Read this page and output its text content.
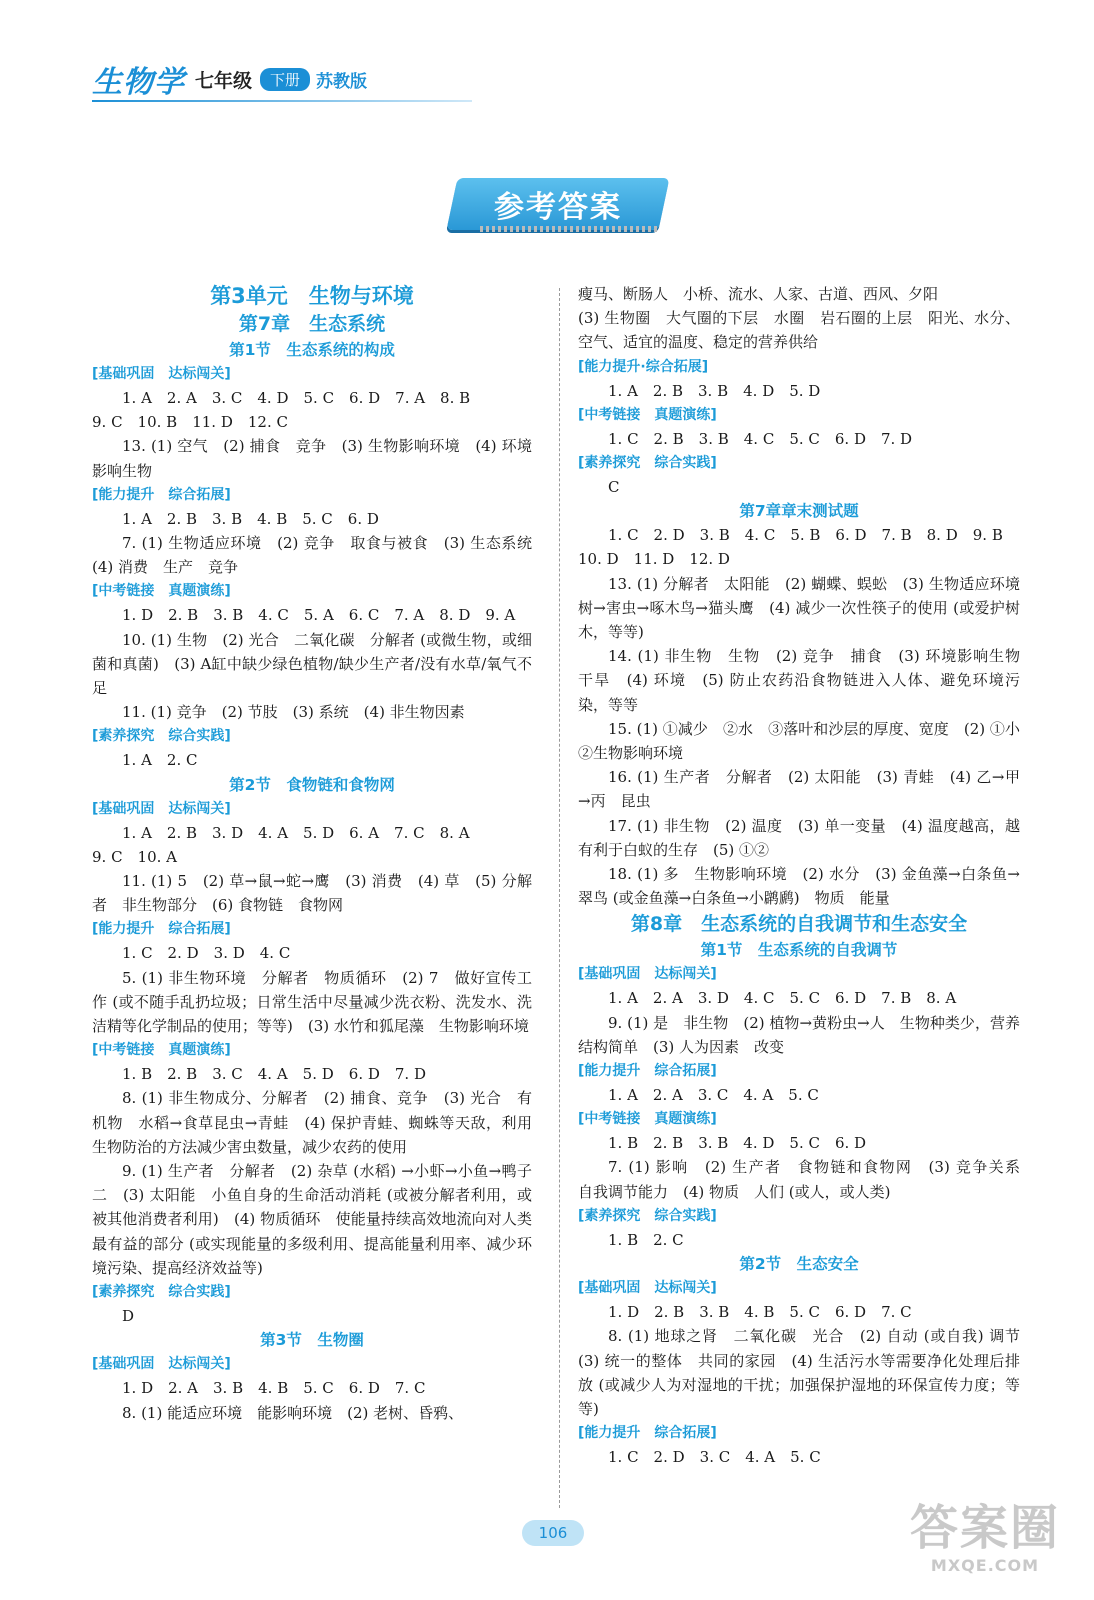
生物学 七年级	下册 苏教版
参考答案
第3单元　生物与环境
第7章　生态系统
第1节　生态系统的构成
[基础巩固　达标闯关]
1. A　2. A　3. C　4. D　5. C　6. D　7. A　8. B
9. C　10. B　11. D　12. C
13. (1) 空气　(2) 捕食　竞争　(3) 生物影响环境　(4) 环境影响生物
[能力提升　综合拓展]
1. A　2. B　3. B　4. B　5. C　6. D
7. (1) 生物适应环境　(2) 竞争　取食与被食　(3) 生态系统　(4) 消费　生产　竞争
[中考链接　真题演练]
1. D　2. B　3. B　4. C　5. A　6. C　7. A　8. D　9. A
10. (1) 生物　(2) 光合　二氧化碳　分解者 (或微生物，或细菌和真菌)　(3) A缸中缺少绿色植物/缺少生产者/没有水草/氧气不足
11. (1) 竞争　(2) 节肢　(3) 系统　(4) 非生物因素
[素养探究　综合实践]
1. A　2. C
第2节　食物链和食物网
[基础巩固　达标闯关]
1. A　2. B　3. D　4. A　5. D　6. A　7. C　8. A
9. C　10. A
11. (1) 5　(2) 草→鼠→蛇→鹰　(3) 消费　(4) 草　(5) 分解者　非生物部分　(6) 食物链　食物网
[能力提升　综合拓展]
1. C　2. D　3. D　4. C
5. (1) 非生物环境　分解者　物质循环　(2) 7　做好宣传工作 (或不随手乱扔垃圾；日常生活中尽量减少洗衣粉、洗发水、洗洁精等化学制品的使用；等等)　(3) 水竹和狐尾藻　生物影响环境
[中考链接　真题演练]
1. B　2. B　3. C　4. A　5. D　6. D　7. D
8. (1) 非生物成分、分解者　(2) 捕食、竞争　(3) 光合　有机物　水稻→食草昆虫→青蛙　(4) 保护青蛙、蜘蛛等天敌，利用生物防治的方法减少害虫数量，减少农药的使用
9. (1) 生产者　分解者　(2) 杂草 (水稻) →小虾→小鱼→鸭子　二　(3) 太阳能　小鱼自身的生命活动消耗 (或被分解者利用，或被其他消费者利用)　(4) 物质循环　使能量持续高效地流向对人类最有益的部分 (或实现能量的多级利用、提高能量利用率、减少环境污染、提高经济效益等)
[素养探究　综合实践]
D
第3节　生物圈
[基础巩固　达标闯关]
1. D　2. A　3. B　4. B　5. C　6. D　7. C
8. (1) 能适应环境　能影响环境　(2) 老树、昏鸦、
瘦马、断肠人　小桥、流水、人家、古道、西风、夕阳
(3) 生物圈　大气圈的下层　水圈　岩石圈的上层　阳光、水分、空气、适宜的温度、稳定的营养供给
[能力提升·综合拓展]
1. A　2. B　3. B　4. D　5. D
[中考链接　真题演练]
1. C　2. B　3. B　4. C　5. C　6. D　7. D
[素养探究　综合实践]
C
第7章章末测试题
1. C　2. D　3. B　4. C　5. B　6. D　7. B　8. D　9. B
10. D　11. D　12. D
13. (1) 分解者　太阳能　(2) 蝴蝶、蜈蚣　(3) 生物适应环境　树→害虫→啄木鸟→猫头鹰　(4) 减少一次性筷子的使用 (或爱护树木，等等)
14. (1) 非生物　生物　(2) 竞争　捕食　(3) 环境影响生物　干旱　(4) 环境　(5) 防止农药沿食物链进入人体、避免环境污染，等等
15. (1) ①减少　②水　③落叶和沙层的厚度、宽度　(2) ①小　②生物影响环境
16. (1) 生产者　分解者　(2) 太阳能　(3) 青蛙　(4) 乙→甲→丙　昆虫
17. (1) 非生物　(2) 温度　(3) 单一变量　(4) 温度越高，越有利于白蚁的生存　(5) ①②
18. (1) 多　生物影响环境　(2) 水分　(3) 金鱼藻→白条鱼→翠鸟 (或金鱼藻→白条鱼→小䴙䴘)　物质　能量
第8章　生态系统的自我调节和生态安全
第1节　生态系统的自我调节
[基础巩固　达标闯关]
1. A　2. A　3. D　4. C　5. C　6. D　7. B　8. A
9. (1) 是　非生物　(2) 植物→黄粉虫→人　生物种类少，营养结构简单　(3) 人为因素　改变
[能力提升　综合拓展]
1. A　2. A　3. C　4. A　5. C
[中考链接　真题演练]
1. B　2. B　3. B　4. D　5. C　6. D
7. (1) 影响　(2) 生产者　食物链和食物网　(3) 竞争关系　自我调节能力　(4) 物质　人们 (或人，或人类)
[素养探究　综合实践]
1. B　2. C
第2节　生态安全
[基础巩固　达标闯关]
1. D　2. B　3. B　4. B　5. C　6. D　7. C
8. (1) 地球之肾　二氧化碳　光合　(2) 自动 (或自我) 调节　(3) 统一的整体　共同的家园　(4) 生活污水等需要净化处理后排放 (或减少人为对湿地的干扰；加强保护湿地的环保宣传力度；等等)
[能力提升　综合拓展]
1. C　2. D　3. C　4. A　5. C
106	答案圈
MXQE.COM
